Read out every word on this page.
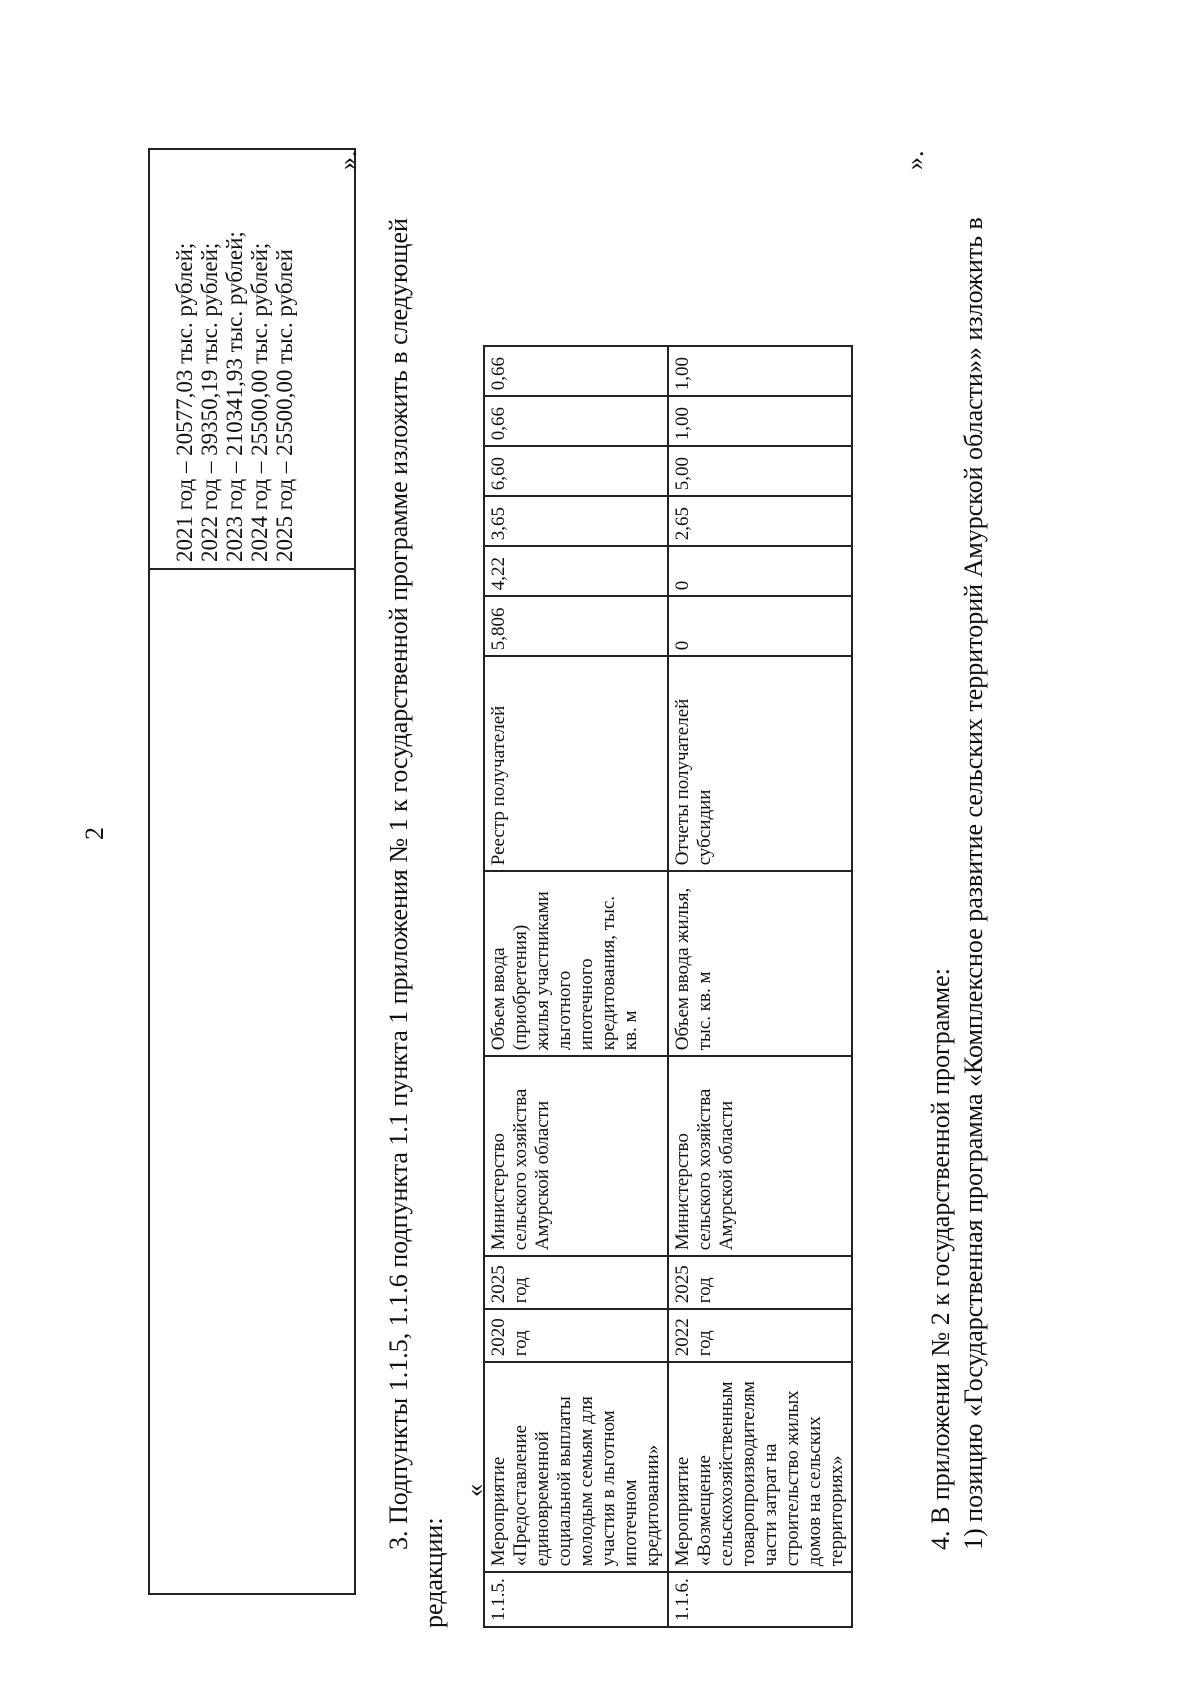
2

2021 год – 20577,03 тыс. рублей; 2022 год – 39350,19 тыс. рублей; 2023 год – 210341,93 тыс. рублей; 2024 год – 25500,00 тыс. рублей; 2025 год – 25500,00 тыс. рублей

».
3. Подпункты 1.1.5, 1.1.6 подпункта 1.1 пункта 1 приложения № 1 к государственной программе изложить в следующей
редакции:
«
1.1.5.	Мероприятие «Предоставление единовременной социальной выплаты молодым семьям для участия в льготном ипотечном кредитовании»	2020 год	2025 год	Министерство сельского хозяйства Амурской области	Объем ввода (приобретения) жилья участниками льготного ипотечного кредитования, тыс. кв. м	Реестр получателей	5,806	4,22	3,65	6,60	0,66	0,66
1.1.6.	Мероприятие «Возмещение сельскохозяйственным товаропроизводителям части затрат на строительство жилых домов на сельских территориях»	2022 год	2025 год	Министерство сельского хозяйства Амурской области	Объем ввода жилья, тыс. кв. м	Отчеты получателей субсидии	0	0	2,65	5,00	1,00	1,00
».
4. В приложении № 2 к государственной программе: 1) позицию «Государственная программа «Комплексное развитие сельских территорий Амурской области»» изложить в
